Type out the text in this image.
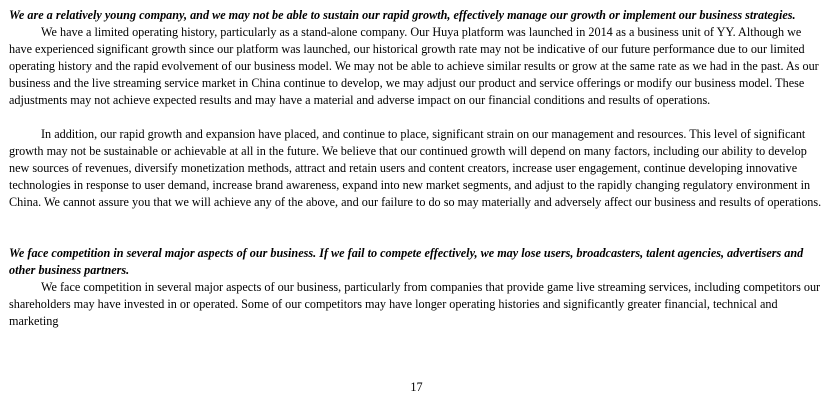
We are a relatively young company, and we may not be able to sustain our rapid growth, effectively manage our growth or implement our business strategies.

We have a limited operating history, particularly as a stand-alone company. Our Huya platform was launched in 2014 as a business unit of YY. Although we have experienced significant growth since our platform was launched, our historical growth rate may not be indicative of our future performance due to our limited operating history and the rapid evolvement of our business model. We may not be able to achieve similar results or grow at the same rate as we had in the past. As our business and the live streaming service market in China continue to develop, we may adjust our product and service offerings or modify our business model. These adjustments may not achieve expected results and may have a material and adverse impact on our financial conditions and results of operations.

In addition, our rapid growth and expansion have placed, and continue to place, significant strain on our management and resources. This level of significant growth may not be sustainable or achievable at all in the future. We believe that our continued growth will depend on many factors, including our ability to develop new sources of revenues, diversify monetization methods, attract and retain users and content creators, increase user engagement, continue developing innovative technologies in response to user demand, increase brand awareness, expand into new market segments, and adjust to the rapidly changing regulatory environment in China. We cannot assure you that we will achieve any of the above, and our failure to do so may materially and adversely affect our business and results of operations.

We face competition in several major aspects of our business. If we fail to compete effectively, we may lose users, broadcasters, talent agencies, advertisers and other business partners.

We face competition in several major aspects of our business, particularly from companies that provide game live streaming services, including competitors our shareholders may have invested in or operated. Some of our competitors may have longer operating histories and significantly greater financial, technical and marketing

17
